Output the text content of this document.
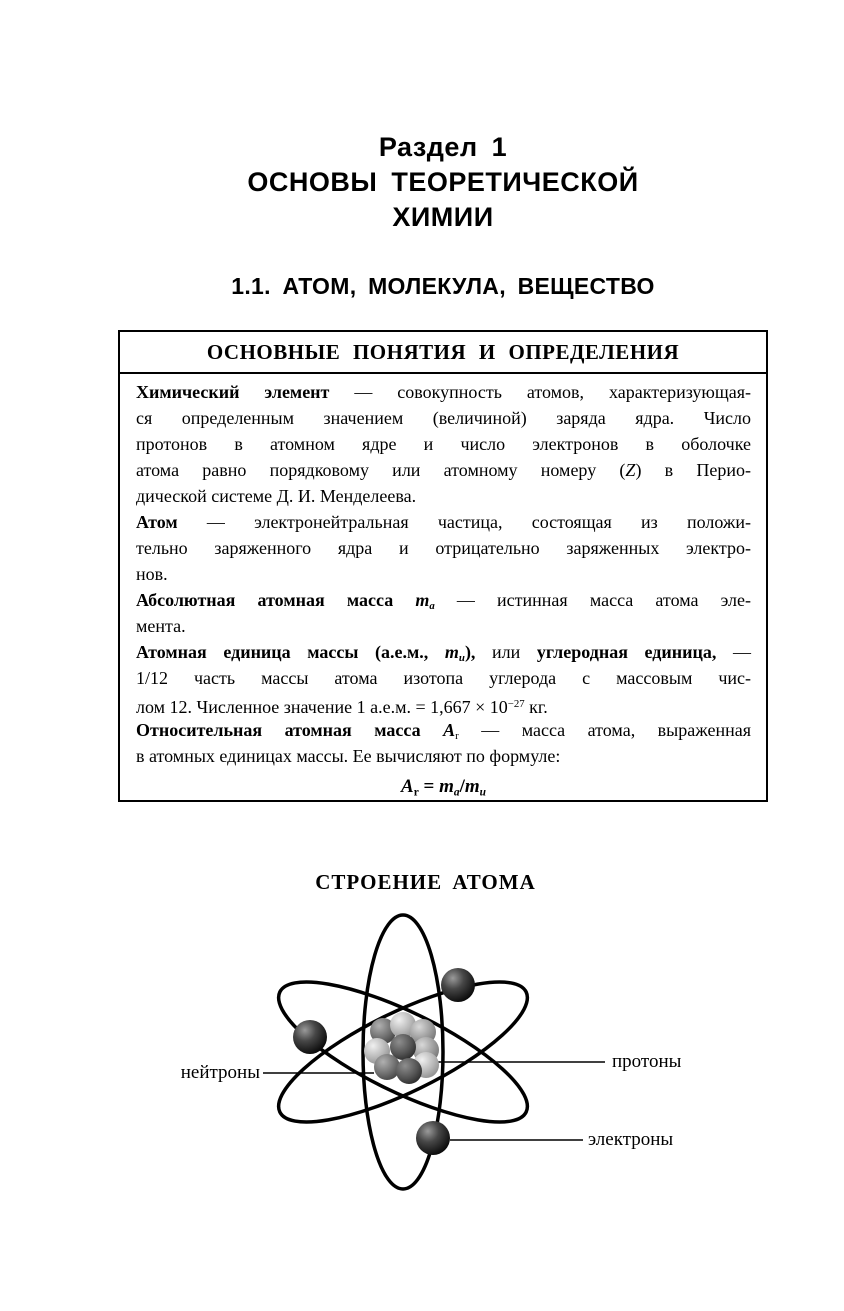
Раздел 1
ОСНОВЫ ТЕОРЕТИЧЕСКОЙ
ХИМИИ
1.1. АТОМ, МОЛЕКУЛА, ВЕЩЕСТВО
ОСНОВНЫЕ ПОНЯТИЯ И ОПРЕДЕЛЕНИЯ
Химический элемент — совокупность атомов, характеризующая-
ся определенным значением (величиной) заряда ядра. Число
протонов в атомном ядре и число электронов в оболочке
атома равно порядковому или атомному номеру (Z) в Перио-
дической системе Д. И. Менделеева.
Атом — электронейтральная частица, состоящая из положи-
тельно заряженного ядра и отрицательно заряженных электро-
нов.
Абсолютная атомная масса mа — истинная масса атома эле-
мента.
Атомная единица массы (а.е.м., mu), или углеродная единица, —
1/12 часть массы атома изотопа углерода с массовым чис-
лом 12. Численное значение 1 а.е.м. = $1,667 \times 10^{-27}$ кг.
Относительная атомная масса Ar — масса атома, выраженная
в атомных единицах массы. Ее вычисляют по формуле:
Ar = ma/mu
СТРОЕНИЕ АТОМА
нейтроны
протоны
электроны
